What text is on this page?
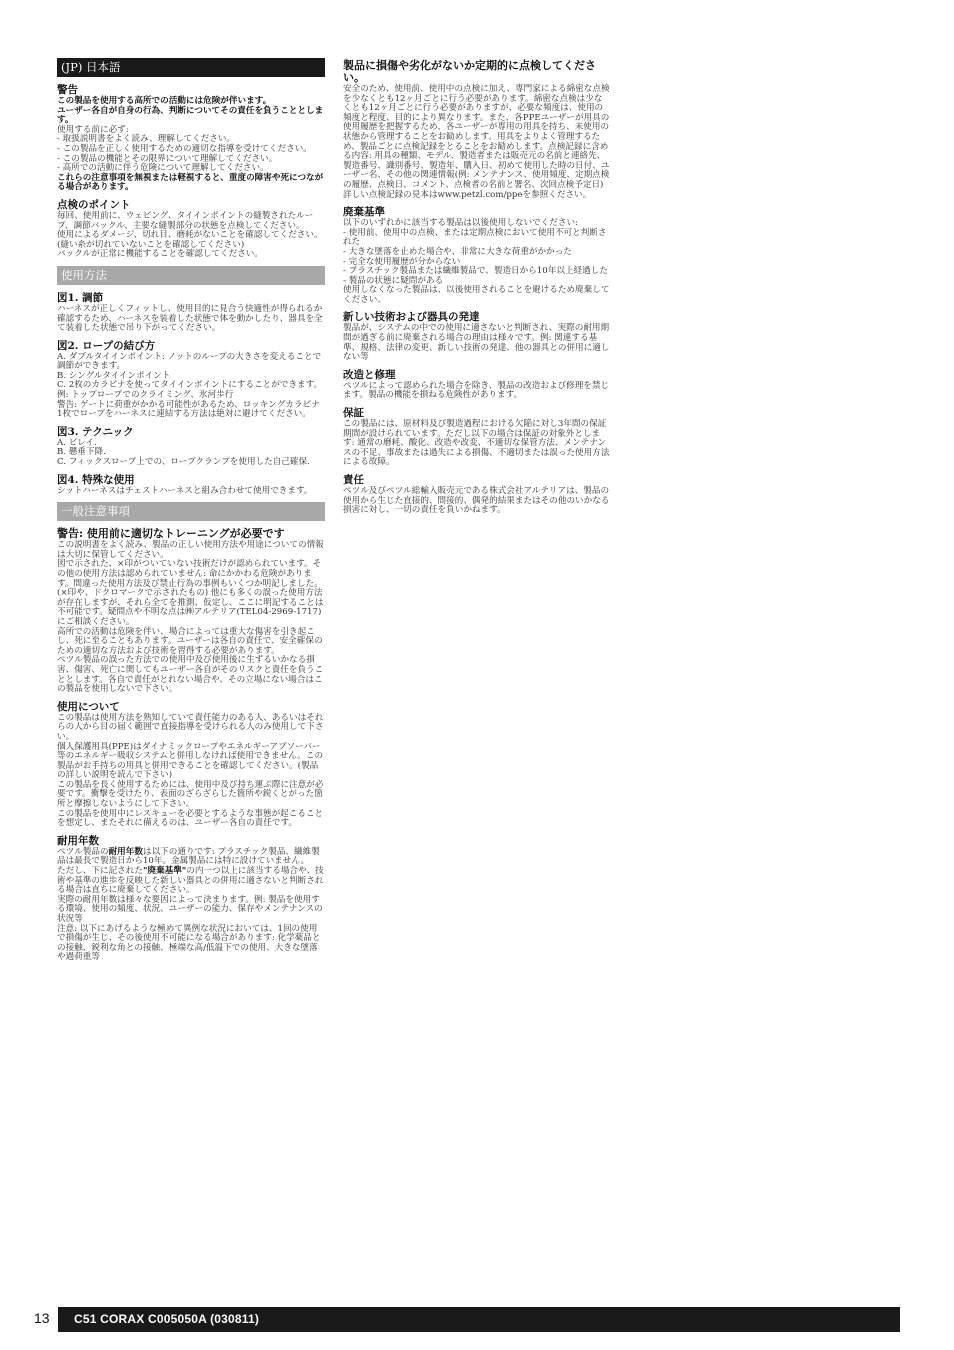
(JP) 日本語
警告

この製品を使用する高所での活動には危険が伴います。

ユーザー各自が自身の行為、判断についてその責任を負うこととします。

使用する前に必ず:
- 取扱説明書をよく読み、理解してください。
- この製品を正しく使用するための適切な指導を受けてください。
- この製品の機能とその限界について理解してください。
- 高所での活動に伴う危険について理解してください。

これらの注意事項を無視または軽視すると、重度の障害や死につながる場合があります。

点検のポイント

毎回、使用前に、ウェビング、タイインポイントの縫製されたループ、調節バックル、主要な縫製部分の状態を点検してください。
使用によるダメージ、切れ目、磨耗がないことを確認してください。(縫い糸が切れていないことを確認してください)
バックルが正常に機能することを確認してください。

使用方法
図1. 調節

ハーネスが正しくフィットし、使用目的に見合う快適性が得られるか確認するため、ハーネスを装着した状態で体を動かしたり、器具を全て装着した状態で吊り下がってください。

図2. ロープの結び方

A. ダブルタイインポイント: ノットのループの大きさを変えることで調節ができます。
B. シングルタイインポイント
C. 2枚のカラビナを使ってタイインポイントにすることができます。例: トップロープでのクライミング、氷河歩行
警告: ゲートに荷重がかかる可能性があるため、ロッキングカラビナ1枚でロープをハーネスに連結する方法は絶対に避けてください。

図3. テクニック

A. ビレイ.
B. 懸垂下降.
C. フィックスロープ上での、ロープクランプを使用した自己確保.

図4. 特殊な使用

シットハーネスはチェストハーネスと組み合わせて使用できます。

一般注意事項
警告: 使用前に適切なトレーニングが必要です

この説明書をよく読み、製品の正しい使用方法や用途についての情報は大切に保管してください。
図で示された、×印がついていない技術だけが認められています。その他の使用方法は認められていません: 命にかかわる危険があります。間違った使用方法及び禁止行為の事例もいくつか明記しました。(×印や、ドクロマークで示されたもの) 他にも多くの誤った使用方法が存在しますが、それら全てを推測、仮定し、ここに明記することは不可能です。疑問点や不明な点は㈱アルテリア(TEL04-2969-1717)にご相談ください。
高所での活動は危険を伴い、場合によっては重大な傷害を引き起こし、死に至ることもあります。ユーザーは各自の責任で、安全確保のための適切な方法および技術を習得する必要があります。
ペツル製品の誤った方法での使用中及び使用後に生ずるいかなる損害、傷害、死亡に関してもユーザー各自がそのリスクと責任を負うこととします。各自で責任がとれない場合や、その立場にない場合はこの製品を使用しないで下さい。

使用について

この製品は使用方法を熟知していて責任能力のある人、あるいはそれらの人から目の届く範囲で直接指導を受けられる人のみ使用して下さい。
個人保護用具(PPE)はダイナミックロープやエネルギーアブソーバー等のエネルギー吸収システムと併用しなければ使用できません。この製品がお手持ちの用具と併用できることを確認してください。(製品の詳しい説明を読んで下さい)
この製品を長く使用するためには、使用中及び持ち運ぶ際に注意が必要です。衝撃を受けたり、表面のざらざらした箇所や鋭くとがった箇所と摩擦しないようにして下さい。
この製品を使用中にレスキューを必要とするような事態が起こることを想定し、またそれに備えるのは、ユーザー各自の責任です。

耐用年数

ペツル製品の耐用年数は以下の通りです: プラスチック製品、繊維製品は最長で製造日から10年。金属製品には特に設けていません。

ただし、下に記された"廃棄基準"の内一つ以上に該当する場合や、技術や基準の進歩を反映した新しい器具との併用に適さないと判断される場合は直ちに廃棄してください。

実際の耐用年数は様々な要因によって決まります。例: 製品を使用する環境、使用の頻度、状況、ユーザーの能力、保存やメンテナンスの状況等
注意: 以下にあげるような極めて異例な状況においては、1回の使用で損傷が生じ、その後使用不可能になる場合があります: 化学薬品との接触、鋭利な角との接触、極端な高/低温下での使用、大きな墜落や過荷重等

製品に損傷や劣化がないか定期的に点検してください。

安全のため、使用前、使用中の点検に加え、専門家による綿密な点検を少なくとも12ヶ月ごとに行う必要があります。綿密な点検は少なくとも12ヶ月ごとに行う必要がありますが、必要な頻度は、使用の頻度と程度、目的により異なります。また、各PPEユーザーが用具の使用履歴を把握するため、各ユーザーが専用の用具を持ち、未使用の状態から管理することをお勧めします。用具をよりよく管理するため、製品ごとに点検記録をとることをお勧めします。点検記録に含める内容: 用具の種類、モデル、製造者または販売元の名前と連絡先、製造番号、識別番号、製造年、購入日、初めて使用した時の日付、ユーザー名、その他の関連情報(例: メンテナンス、使用頻度、定期点検の履歴、点検日、コメント、点検者の名前と署名、次回点検予定日) 詳しい点検記録の見本はwww.petzl.com/ppeを参照ください。

廃棄基準

以下のいずれかに該当する製品は以後使用しないでください:
- 使用前、使用中の点検、または定期点検において使用不可と判断された
- 大きな墜落を止めた場合や、非常に大きな荷重がかかった
- 完全な使用履歴が分からない
- プラスチック製品または繊維製品で、製造日から10年以上経過した
- 製品の状態に疑問がある
使用しなくなった製品は、以後使用されることを避けるため廃棄してください。

新しい技術および器具の発達

製品が、システムの中での使用に適さないと判断され、実際の耐用期間が過ぎる前に廃棄される場合の理由は様々です。例: 関連する基準、規格、法律の変更、新しい技術の発達、他の器具との併用に適しない等

改造と修理

ペツルによって認められた場合を除き、製品の改造および修理を禁じます。製品の機能を損ねる危険性があります。

保証

この製品には、原材料及び製造過程における欠陥に対し3年間の保証期間が設けられています。ただし以下の場合は保証の対象外とします: 通常の磨耗、酸化、改造や改変、不適切な保管方法、メンテナンスの不足、事故または過失による損傷、不適切または誤った使用方法による故障。

責任

ペツル及びペツル総輸入販売元である株式会社アルテリアは、製品の使用から生じた直接的、間接的、偶発的結果またはその他のいかなる損害に対し、一切の責任を負いかねます。

13 C51 CORAX C005050A (030811)
